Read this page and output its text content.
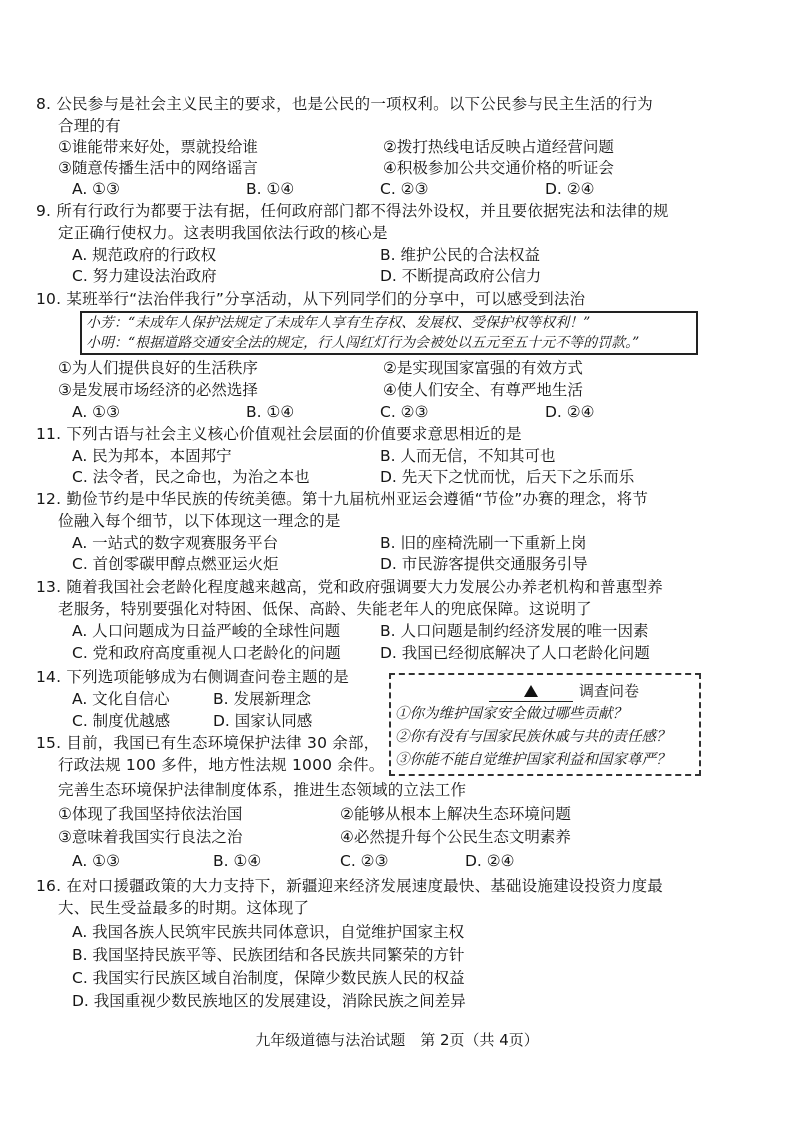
8. 公民参与是社会主义民主的要求，也是公民的一项权利。以下公民参与民主生活的行为
合理的有
①谁能带来好处，票就投给谁	②拨打热线电话反映占道经营问题
③随意传播生活中的网络谣言	④积极参加公共交通价格的听证会
A. ①③	B. ①④	C. ②③	D. ②④
9. 所有行政行为都要于法有据，任何政府部门都不得法外设权，并且要依据宪法和法律的规
定正确行使权力。这表明我国依法行政的核心是
A. 规范政府的行政权	B. 维护公民的合法权益
C. 努力建设法治政府	D. 不断提高政府公信力
10. 某班举行“法治伴我行”分享活动，从下列同学们的分享中，可以感受到法治
小芳：“未成年人保护法规定了未成年人享有生存权、发展权、受保护权等权利！”
小明：“根据道路交通安全法的规定，行人闯红灯行为会被处以五元至五十元不等的罚款。”
①为人们提供良好的生活秩序	②是实现国家富强的有效方式
③是发展市场经济的必然选择	④使人们安全、有尊严地生活
A. ①③	B. ①④	C. ②③	D. ②④
11. 下列古语与社会主义核心价值观社会层面的价值要求意思相近的是
A. 民为邦本，本固邦宁	B. 人而无信，不知其可也
C. 法令者，民之命也，为治之本也	D. 先天下之忧而忧，后天下之乐而乐
12. 勤俭节约是中华民族的传统美德。第十九届杭州亚运会遵循“节俭”办赛的理念，将节
俭融入每个细节，以下体现这一理念的是
A. 一站式的数字观赛服务平台	B. 旧的座椅洗刷一下重新上岗
C. 首创零碳甲醇点燃亚运火炬	D. 市民游客提供交通服务引导
13. 随着我国社会老龄化程度越来越高，党和政府强调要大力发展公办养老机构和普惠型养
老服务，特别要强化对特困、低保、高龄、失能老年人的兜底保障。这说明了
A. 人口问题成为日益严峻的全球性问题	B. 人口问题是制约经济发展的唯一因素
C. 党和政府高度重视人口老龄化的问题	D. 我国已经彻底解决了人口老龄化问题
14. 下列选项能够成为右侧调查问卷主题的是
A. 文化自信心	B. 发展新理念
C. 制度优越感	D. 国家认同感
调查问卷
①你为维护国家安全做过哪些贡献？
②你有没有与国家民族休戚与共的责任感？
③你能不能自觉维护国家利益和国家尊严？
15. 目前，我国已有生态环境保护法律 30 余部，
行政法规 100 多件，地方性法规 1000 余件。
完善生态环境保护法律制度体系，推进生态领域的立法工作
①体现了我国坚持依法治国	②能够从根本上解决生态环境问题
③意味着我国实行良法之治	④必然提升每个公民生态文明素养
A. ①③	B. ①④	C. ②③	D. ②④
16. 在对口援疆政策的大力支持下，新疆迎来经济发展速度最快、基础设施建设投资力度最
大、民生受益最多的时期。这体现了
A. 我国各族人民筑牢民族共同体意识，自觉维护国家主权
B. 我国坚持民族平等、民族团结和各民族共同繁荣的方针
C. 我国实行民族区域自治制度，保障少数民族人民的权益
D. 我国重视少数民族地区的发展建设，消除民族之间差异
九年级道德与法治试题　第 2页（共 4页）
